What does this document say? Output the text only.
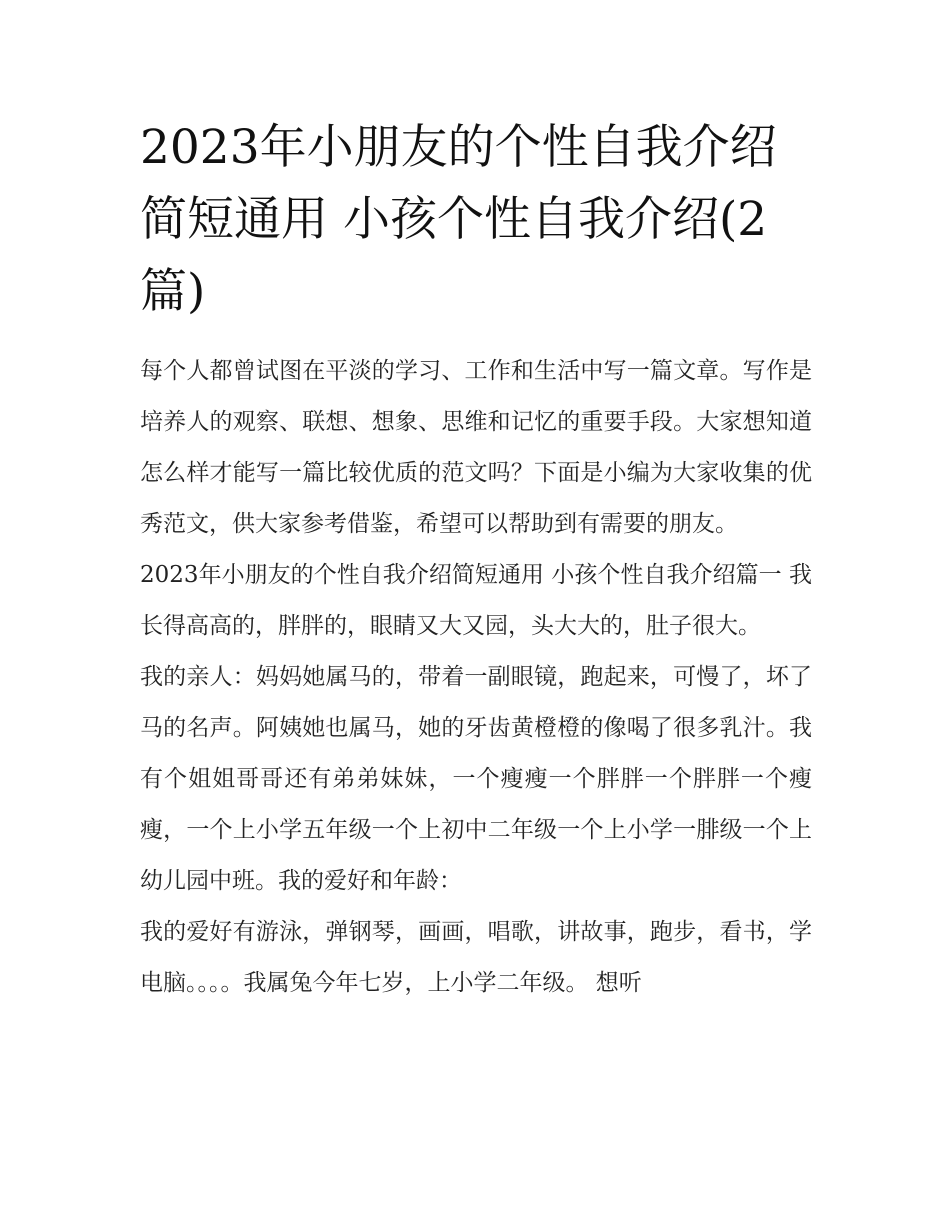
2023年小朋友的个性自我介绍简短通用 小孩个性自我介绍(2篇)

每个人都曾试图在平淡的学习、工作和生活中写一篇文章。写作是培养人的观察、联想、想象、思维和记忆的重要手段。大家想知道怎么样才能写一篇比较优质的范文吗？下面是小编为大家收集的优秀范文，供大家参考借鉴，希望可以帮助到有需要的朋友。

2023年小朋友的个性自我介绍简短通用 小孩个性自我介绍篇一 我长得高高的，胖胖的，眼睛又大又园，头大大的，肚子很大。

我的亲人：妈妈她属马的，带着一副眼镜，跑起来，可慢了，坏了马的名声。阿姨她也属马，她的牙齿黄橙橙的像喝了很多乳汁。我有个姐姐哥哥还有弟弟妹妹，一个瘦瘦一个胖胖一个胖胖一个瘦瘦，一个上小学五年级一个上初中二年级一个上小学一腓级一个上幼儿园中班。我的爱好和年龄：

我的爱好有游泳，弹钢琴，画画，唱歌，讲故事，跑步，看书，学电脑。。。。我属兔今年七岁，上小学二年级。 想听
